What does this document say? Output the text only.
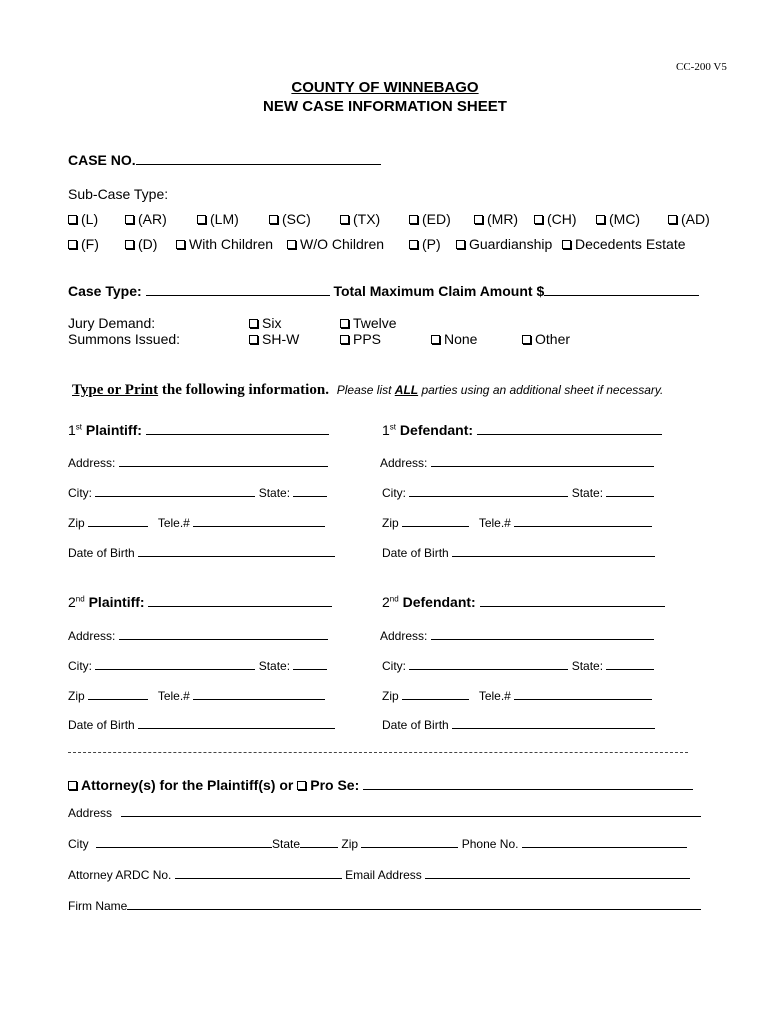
CC-200 V5
COUNTY OF WINNEBAGO
NEW CASE INFORMATION SHEET
CASE NO.
Sub-Case Type:
(L)	(AR)	(LM)	(SC)	(TX)	(ED)	(MR)	(CH)	(MC)	(AD)
(F)	(D)	With Children	W/O Children	(P)	Guardianship	Decedents Estate
Case Type:	Total Maximum Claim Amount $
Jury Demand:
Summons Issued:
Six	Twelve
SH-W	PPS	None	Other
Type or Print the following information. Please list ALL parties using an additional sheet if necessary.
1st Plaintiff:	1st Defendant:
Address:	Address:
City:	State:	City:	State:
Zip	Tele.#	Zip	Tele.#
Date of Birth	Date of Birth
2nd Plaintiff:	2nd Defendant:
Address:	Address:
City:	State:	City:	State:
Zip	Tele.#	Zip	Tele.#
Date of Birth	Date of Birth
Attorney(s) for the Plaintiff(s) or Pro Se:
Address
City	State	Zip	Phone No.
Attorney ARDC No.	Email Address
Firm Name
